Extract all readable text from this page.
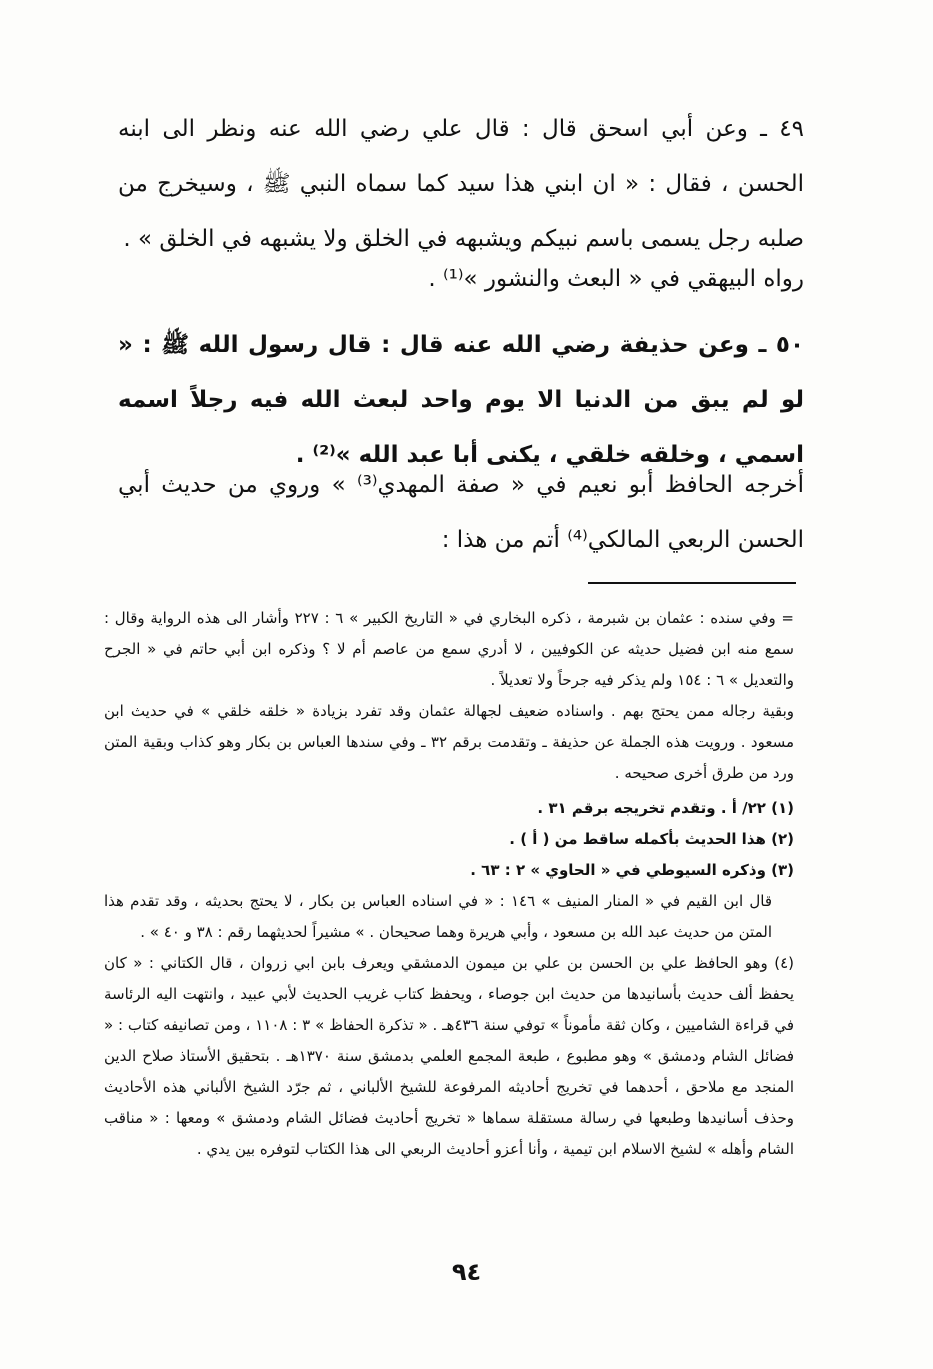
٤٩ ـ وعن أبي اسحق قال : قال علي رضي الله عنه ونظر الى ابنه الحسن ، فقال : « ان ابني هذا سيد كما سماه النبي ﷺ ، وسيخرج من صلبه رجل يسمى باسم نبيكم ويشبهه في الخلق ولا يشبهه في الخلق » .

رواه البيهقي في « البعث والنشور »⁽¹⁾ .

٥٠ ـ وعن حذيفة رضي الله عنه قال : قال رسول الله ﷺ : « لو لم يبق من الدنيا الا يوم واحد لبعث الله فيه رجلاً اسمه اسمي ، وخلقه خلقي ، يكنى أبا عبد الله »⁽²⁾ .

أخرجه الحافظ أبو نعيم في « صفة المهدي⁽³⁾ » وروي من حديث أبي الحسن الربعي المالكي⁽⁴⁾ أتم من هذا :

= وفي سنده : عثمان بن شبرمة ، ذكره البخاري في « التاريخ الكبير » ٦ : ٢٢٧ وأشار الى هذه الرواية وقال : سمع منه ابن فضيل حديثه عن الكوفيين ، لا أدري سمع من عاصم أم لا ؟ وذكره ابن أبي حاتم في « الجرح والتعديل » ٦ : ١٥٤ ولم يذكر فيه جرحاً ولا تعديلاً .

وبقية رجاله ممن يحتج بهم . واسناده ضعيف لجهالة عثمان وقد تفرد بزيادة « خلقه خلقي » في حديث ابن مسعود . ورويت هذه الجملة عن حذيفة ـ وتقدمت برقم ٣٢ ـ وفي سندها العباس بن بكار وهو كذاب وبقية المتن ورد من طرق أخرى صحيحه .

(١) ٢٢/ أ . وتقدم تخريجه برقم ٣١ .

(٢) هذا الحديث بأكمله ساقط من ( أ ) .

(٣) وذكره السيوطي في « الحاوي » ٢ : ٦٣ .

قال ابن القيم في « المنار المنيف » ١٤٦ : « في اسناده العباس بن بكار ، لا يحتج بحديثه ، وقد تقدم هذا المتن من حديث عبد الله بن مسعود ، وأبي هريرة وهما صحيحان . » مشيراً لحديثهما رقم : ٣٨ و ٤٠ » .

(٤) وهو الحافظ علي بن الحسن بن علي بن ميمون الدمشقي ويعرف بابن ابي زروان ، قال الكتاني : « كان يحفظ ألف حديث بأسانيدها من حديث ابن جوصاء ، ويحفظ كتاب غريب الحديث لأبي عبيد ، وانتهت اليه الرئاسة في قراءة الشاميين ، وكان ثقة مأموناً » توفي سنة ٤٣٦هـ . « تذكرة الحفاظ » ٣ : ١١٠٨ ، ومن تصانيفه كتاب : « فضائل الشام ودمشق » وهو مطبوع ، طبعة المجمع العلمي بدمشق سنة ١٣٧٠هـ . بتحقيق الأستاذ صلاح الدين المنجد مع ملاحق ، أحدهما في تخريج أحاديثه المرفوعة للشيخ الألباني ، ثم جرّد الشيخ الألباني هذه الأحاديث وحذف أسانيدها وطبعها في رسالة مستقلة سماها « تخريج أحاديث فضائل الشام ودمشق » ومعها : « مناقب الشام وأهله » لشيخ الاسلام ابن تيمية ، وأنا أعزو أحاديث الربعي الى هذا الكتاب لتوفره بين يدي .

٩٤
